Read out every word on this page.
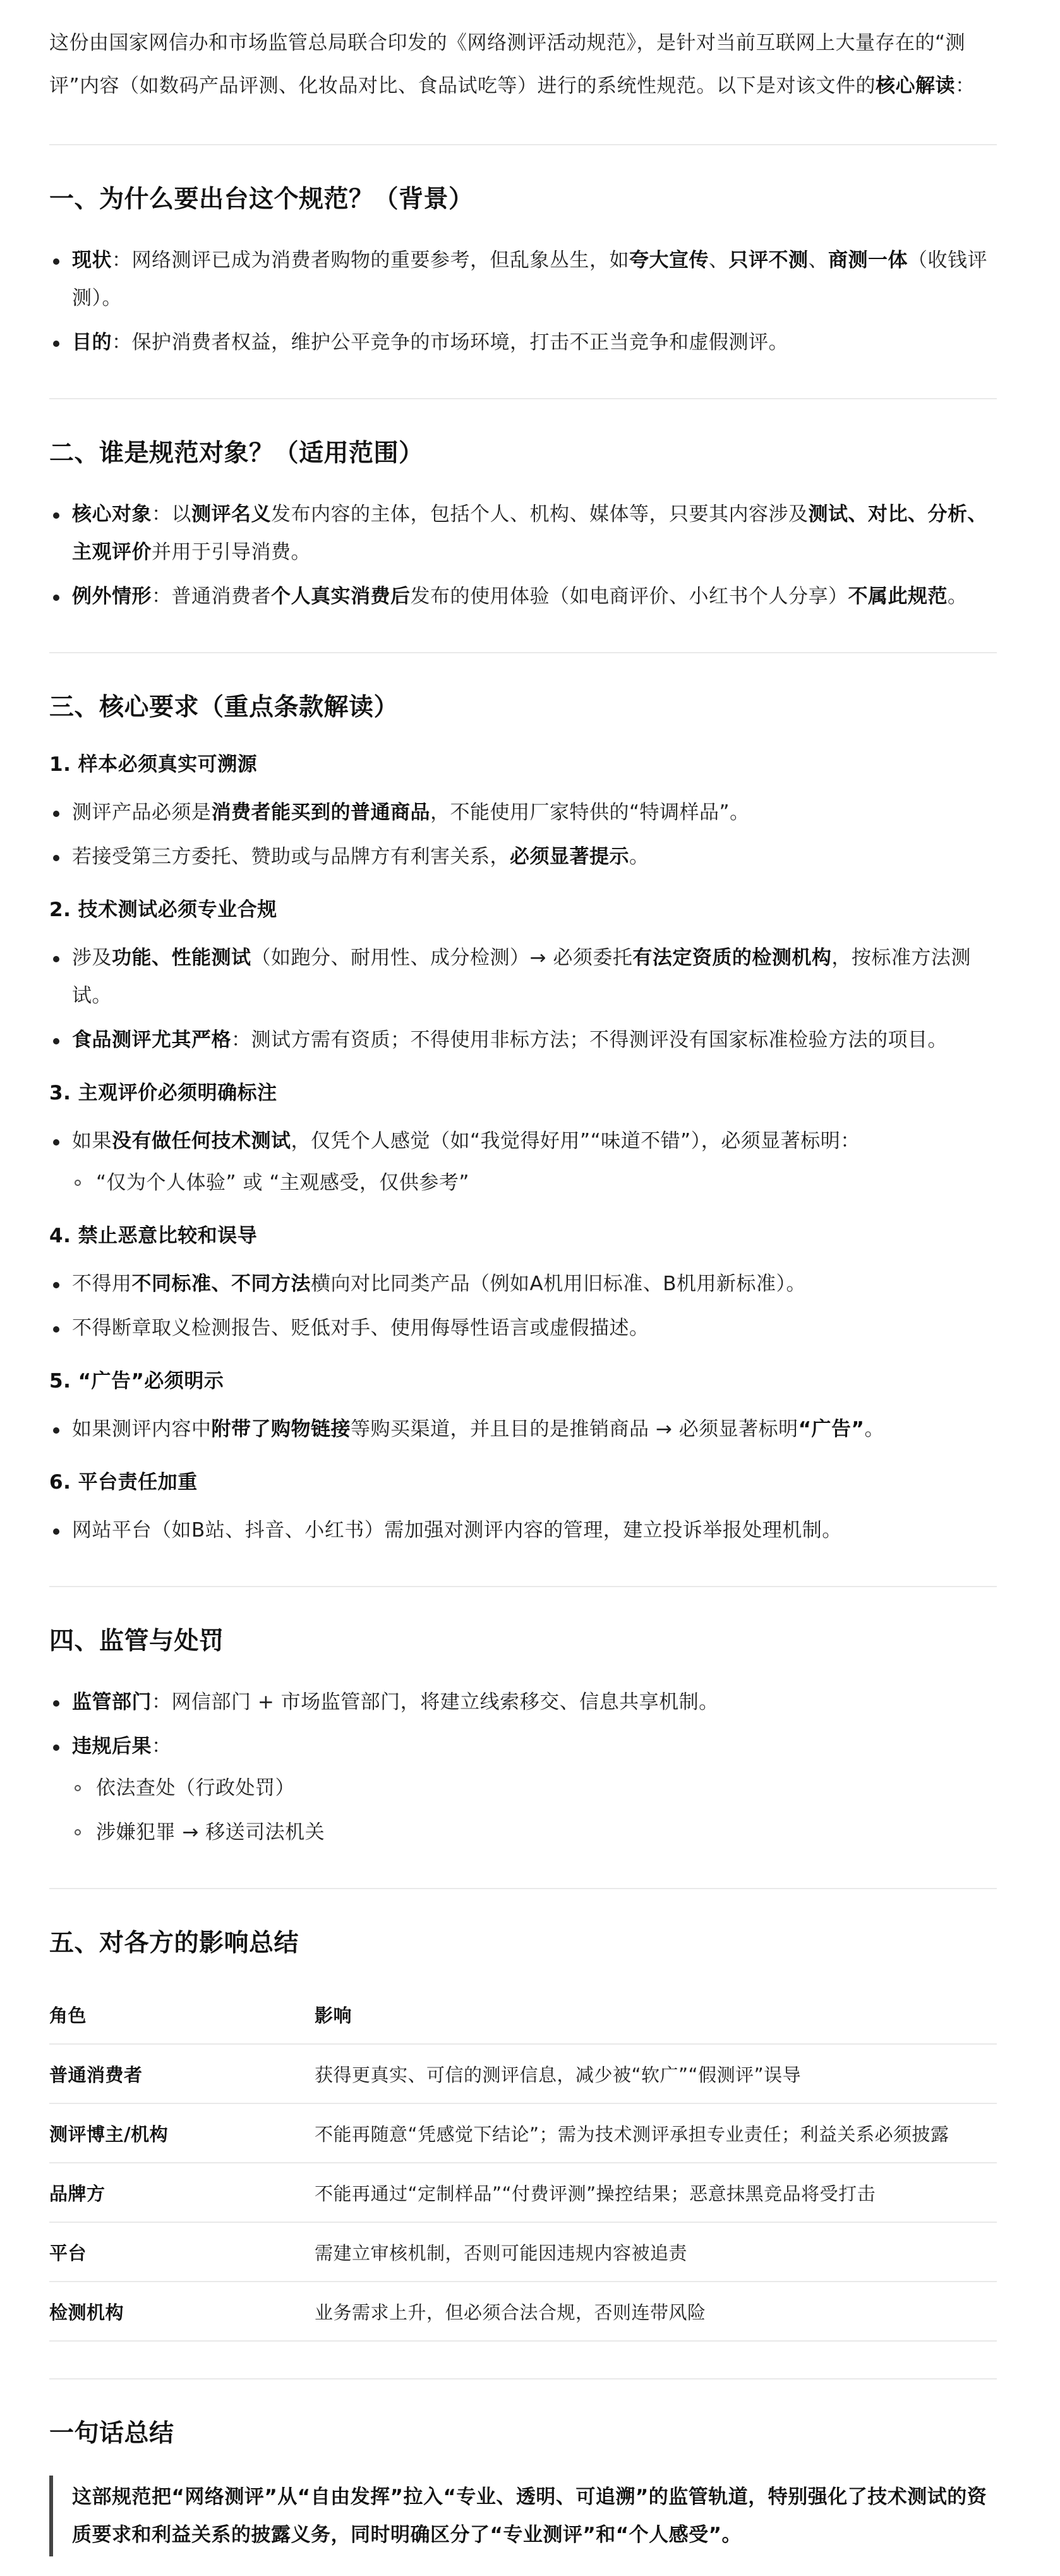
这份由国家网信办和市场监管总局联合印发的《网络测评活动规范》，是针对当前互联网上大量存在的“测评”内容（如数码产品评测、化妆品对比、食品试吃等）进行的系统性规范。以下是对该文件的核心解读：

一、为什么要出台这个规范？（背景）
现状：网络测评已成为消费者购物的重要参考，但乱象丛生，如夸大宣传、只评不测、商测一体（收钱评测）。
目的：保护消费者权益，维护公平竞争的市场环境，打击不正当竞争和虚假测评。
二、谁是规范对象？（适用范围）
核心对象：以测评名义发布内容的主体，包括个人、机构、媒体等，只要其内容涉及测试、对比、分析、主观评价并用于引导消费。
例外情形：普通消费者个人真实消费后发布的使用体验（如电商评价、小红书个人分享）不属此规范。
三、核心要求（重点条款解读）
1. 样本必须真实可溯源
测评产品必须是消费者能买到的普通商品，不能使用厂家特供的“特调样品”。
若接受第三方委托、赞助或与品牌方有利害关系，必须显著提示。
2. 技术测试必须专业合规
涉及功能、性能测试（如跑分、耐用性、成分检测）→ 必须委托有法定资质的检测机构，按标准方法测试。
食品测评尤其严格：测试方需有资质；不得使用非标方法；不得测评没有国家标准检验方法的项目。
3. 主观评价必须明确标注
如果没有做任何技术测试，仅凭个人感觉（如“我觉得好用”“味道不错”），必须显著标明：
“仅为个人体验” 或 “主观感受，仅供参考”
4. 禁止恶意比较和误导
不得用不同标准、不同方法横向对比同类产品（例如A机用旧标准、B机用新标准）。
不得断章取义检测报告、贬低对手、使用侮辱性语言或虚假描述。
5. “广告”必须明示
如果测评内容中附带了购物链接等购买渠道，并且目的是推销商品 → 必须显著标明“广告”。
6. 平台责任加重
网站平台（如B站、抖音、小红书）需加强对测评内容的管理，建立投诉举报处理机制。
四、监管与处罚
监管部门：网信部门 + 市场监管部门，将建立线索移交、信息共享机制。
违规后果：
依法查处（行政处罚）
涉嫌犯罪 → 移送司法机关
五、对各方的影响总结
角色	影响
普通消费者	获得更真实、可信的测评信息，减少被“软广”“假测评”误导
测评博主/机构	不能再随意“凭感觉下结论”；需为技术测评承担专业责任；利益关系必须披露
品牌方	不能再通过“定制样品”“付费评测”操控结果；恶意抹黑竞品将受打击
平台	需建立审核机制，否则可能因违规内容被追责
检测机构	业务需求上升，但必须合法合规，否则连带风险
一句话总结
这部规范把“网络测评”从“自由发挥”拉入“专业、透明、可追溯”的监管轨道，特别强化了技术测试的资质要求和利益关系的披露义务，同时明确区分了“专业测评”和“个人感受”。
